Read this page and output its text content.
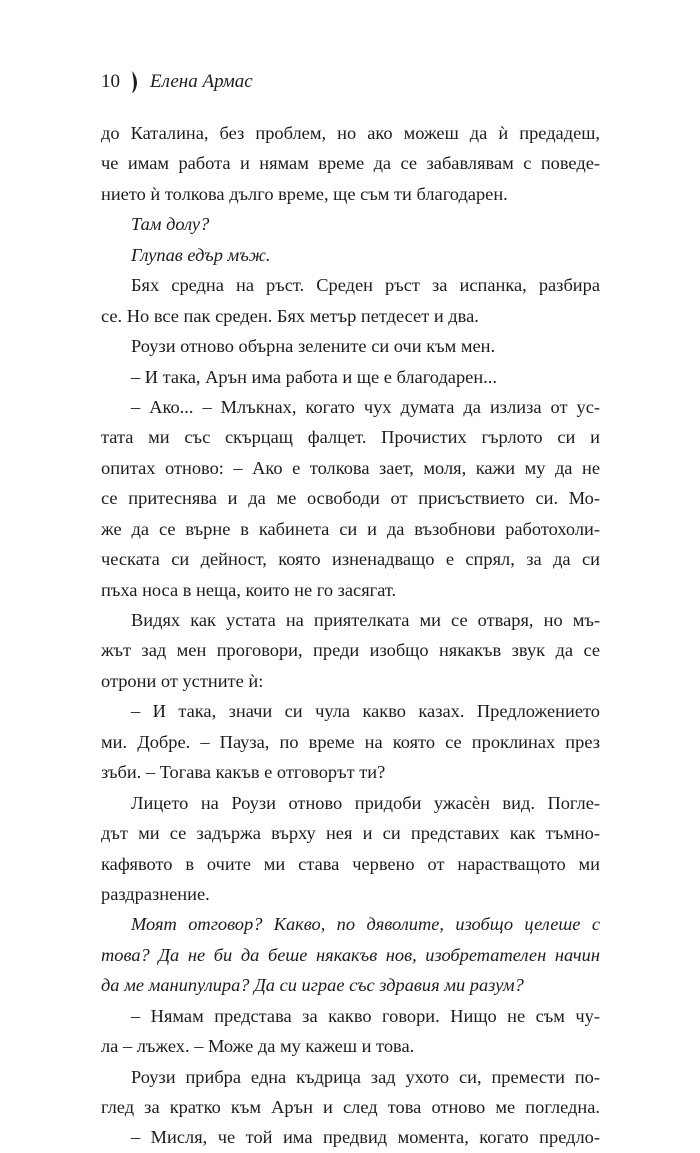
10 Елена Армас
до Каталина, без проблем, но ако можеш да ѝ предадеш,
че имам работа и нямам време да се забавлявам с поведе-
нието ѝ толкова дълго време, ще съм ти благодарен.
Там долу?
Глупав едър мъж.
Бях средна на ръст. Среден ръст за испанка, разбира
се. Но все пак среден. Бях метър петдесет и два.
Роузи отново обърна зелените си очи към мен.
– И така, Арън има работа и ще е благодарен...
– Ако... – Млъкнах, когато чух думата да излиза от ус-
тата ми със скърцащ фалцет. Прочистих гърлото си и
опитах отново: – Ако е толкова зает, моля, кажи му да не
се притеснява и да ме освободи от присъствието си. Мо-
же да се върне в кабинета си и да възобнови работохоли-
ческата си дейност, която изненадващо е спрял, за да си
пъха носа в неща, които не го засягат.
Видях как устата на приятелката ми се отваря, но мъ-
жът зад мен проговори, преди изобщо някакъв звук да се
отрони от устните ѝ:
– И така, значи си чула какво казах. Предложението
ми. Добре. – Пауза, по време на която се проклинах през
зъби. – Тогава какъв е отговорът ти?
Лицето на Роузи отново придоби ужасѐн вид. Погле-
дът ми се задържа върху нея и си представих как тъмно-
кафявото в очите ми става червено от нарастващото ми
раздразнение.
Моят отговор? Какво, по дяволите, изобщо целеше с
това? Да не би да беше някакъв нов, изобретателен начин
да ме манипулира? Да си играе със здравия ми разум?
– Нямам представа за какво говори. Нищо не съм чу-
ла – лъжех. – Може да му кажеш и това.
Роузи прибра една къдрица зад ухото си, премести по-
глед за кратко към Арън и след това отново ме погледна.
– Мисля, че той има предвид момента, когато предло-
